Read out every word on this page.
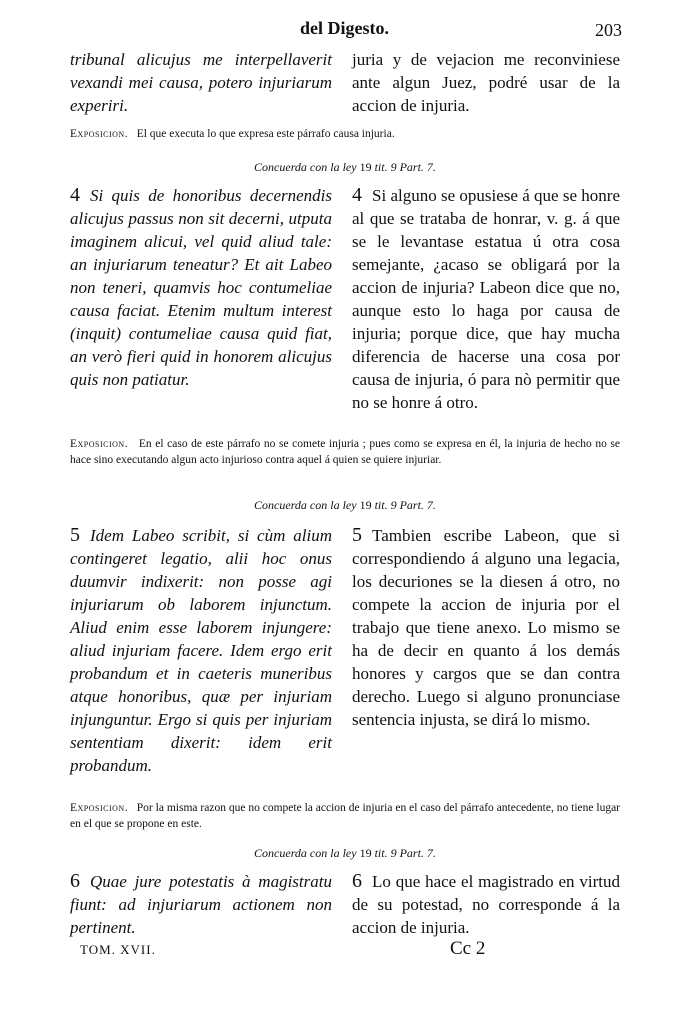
del Digesto.	203
tribunal alicujus me interpellaverit vexandi mei causa, potero injuriarum experiri.
juria y de vejacion me reconviniese ante algun Juez, podré usar de la accion de injuria.
Exposicion. El que executa lo que expresa este párrafo causa injuria.
Concuerda con la ley 19 tit. 9 Part. 7.
4 Si quis de honoribus decernendis alicujus passus non sit decerni, utputa imaginem alicui, vel quid aliud tale: an injuriarum teneatur? Et ait Labeo non teneri, quamvis hoc contumeliae causa faciat. Etenim multum interest (inquit) contumeliae causa quid fiat, an verò fieri quid in honorem alicujus quis non patiatur.
4 Si alguno se opusiese á que se honre al que se trataba de honrar, v. g. á que se le levantase estatua ú otra cosa semejante, ¿acaso se obligará por la accion de injuria? Labeon dice que no, aunque esto lo haga por causa de injuria; porque dice, que hay mucha diferencia de hacerse una cosa por causa de injuria, ó para nò permitir que no se honre á otro.
Exposicion. En el caso de este párrafo no se comete injuria ; pues como se expresa en él, la injuria de hecho no se hace sino executando algun acto injurioso contra aquel á quien se quiere injuriar.
Concuerda con la ley 19 tit. 9 Part. 7.
5 Idem Labeo scribit, si cùm alium contingeret legatio, alii hoc onus duumvir indixerit: non posse agi injuriarum ob laborem injunctum. Aliud enim esse laborem injungere: aliud injuriam facere. Idem ergo erit probandum et in caeteris muneribus atque honoribus, quæ per injuriam injunguntur. Ergo si quis per injuriam sententiam dixerit: idem erit probandum.
5 Tambien escribe Labeon, que si correspondiendo á alguno una legacia, los decuriones se la diesen á otro, no compete la accion de injuria por el trabajo que tiene anexo. Lo mismo se ha de decir en quanto á los demás honores y cargos que se dan contra derecho. Luego si alguno pronunciase sentencia injusta, se dirá lo mismo.
Exposicion. Por la misma razon que no compete la accion de injuria en el caso del párrafo antecedente, no tiene lugar en el que se propone en este.
Concuerda con la ley 19 tit. 9 Part. 7.
6 Quae jure potestatis à magistratu fiunt: ad injuriarum actionem non pertinent.
6 Lo que hace el magistrado en virtud de su potestad, no corresponde á la accion de injuria.
TOM. XVII.	Cc 2
